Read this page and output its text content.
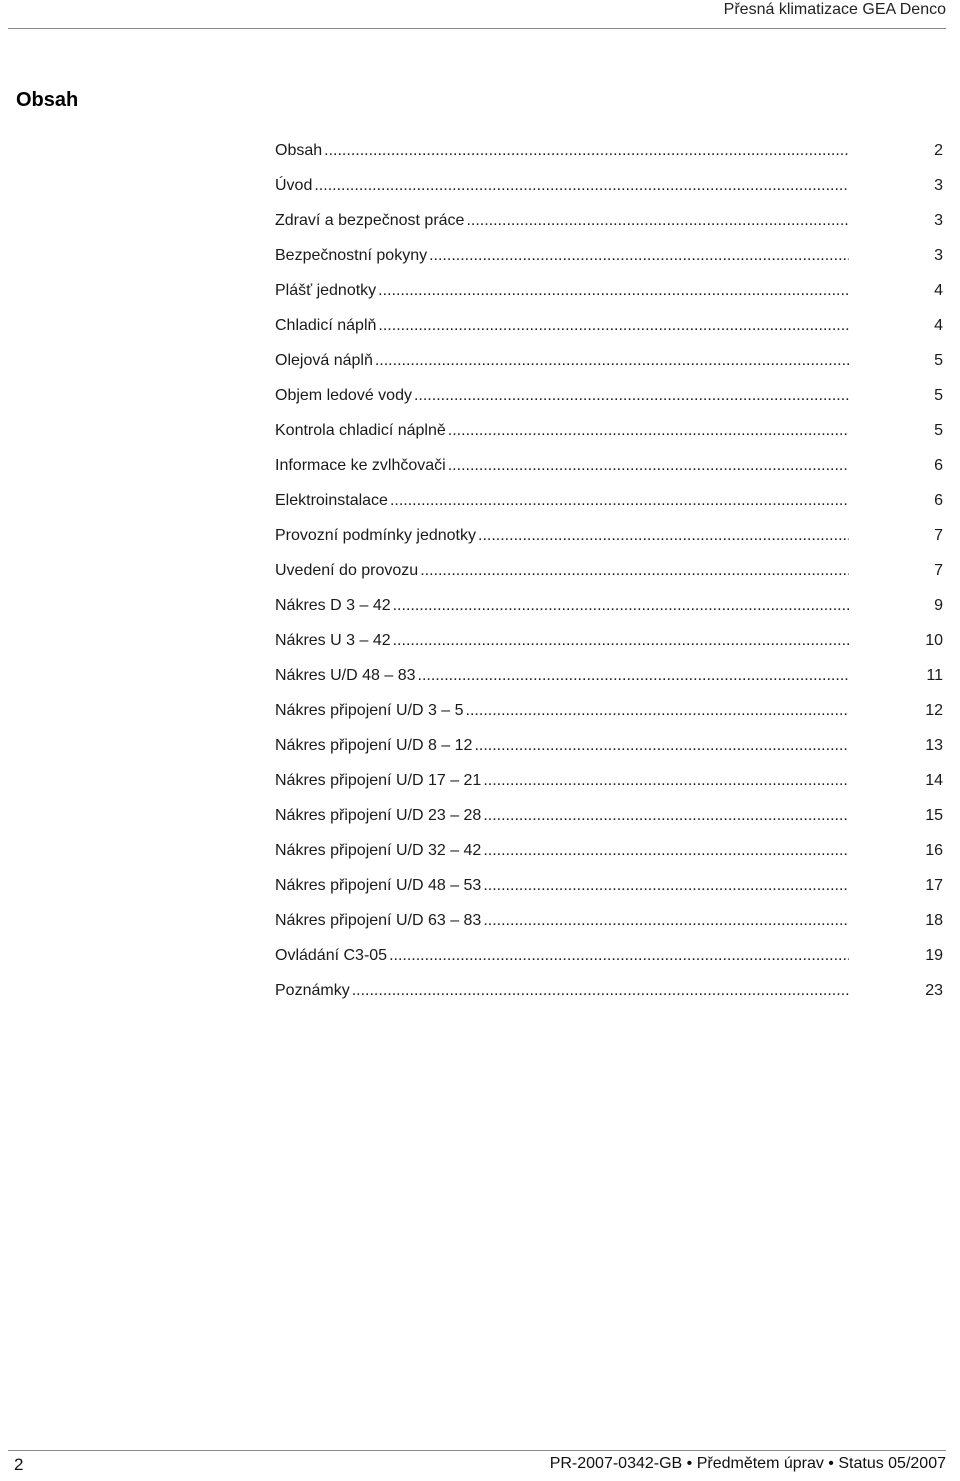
Přesná klimatizace GEA Denco
Obsah
Obsah .....	2
Úvod .....	3
Zdraví a bezpečnost práce .....	3
Bezpečnostní pokyny .....	3
Plášť jednotky .....	4
Chladicí náplň .....	4
Olejová náplň .....	5
Objem ledové vody .....	5
Kontrola chladicí náplně .....	5
Informace ke zvlhčovači .....	6
Elektroinstalace .....	6
Provozní podmínky jednotky .....	7
Uvedení do provozu .....	7
Nákres D 3 – 42 .....	9
Nákres U 3 – 42 .....	10
Nákres U/D 48 – 83 .....	11
Nákres připojení U/D 3 – 5 .....	12
Nákres připojení U/D 8 – 12 .....	13
Nákres připojení U/D 17 – 21 .....	14
Nákres připojení U/D 23 – 28 .....	15
Nákres připojení U/D 32 – 42 .....	16
Nákres připojení U/D 48 – 53 .....	17
Nákres připojení U/D 63 – 83 .....	18
Ovládání C3-05 .....	19
Poznámky .....	23
2	PR-2007-0342-GB • Předmětem úprav • Status 05/2007
